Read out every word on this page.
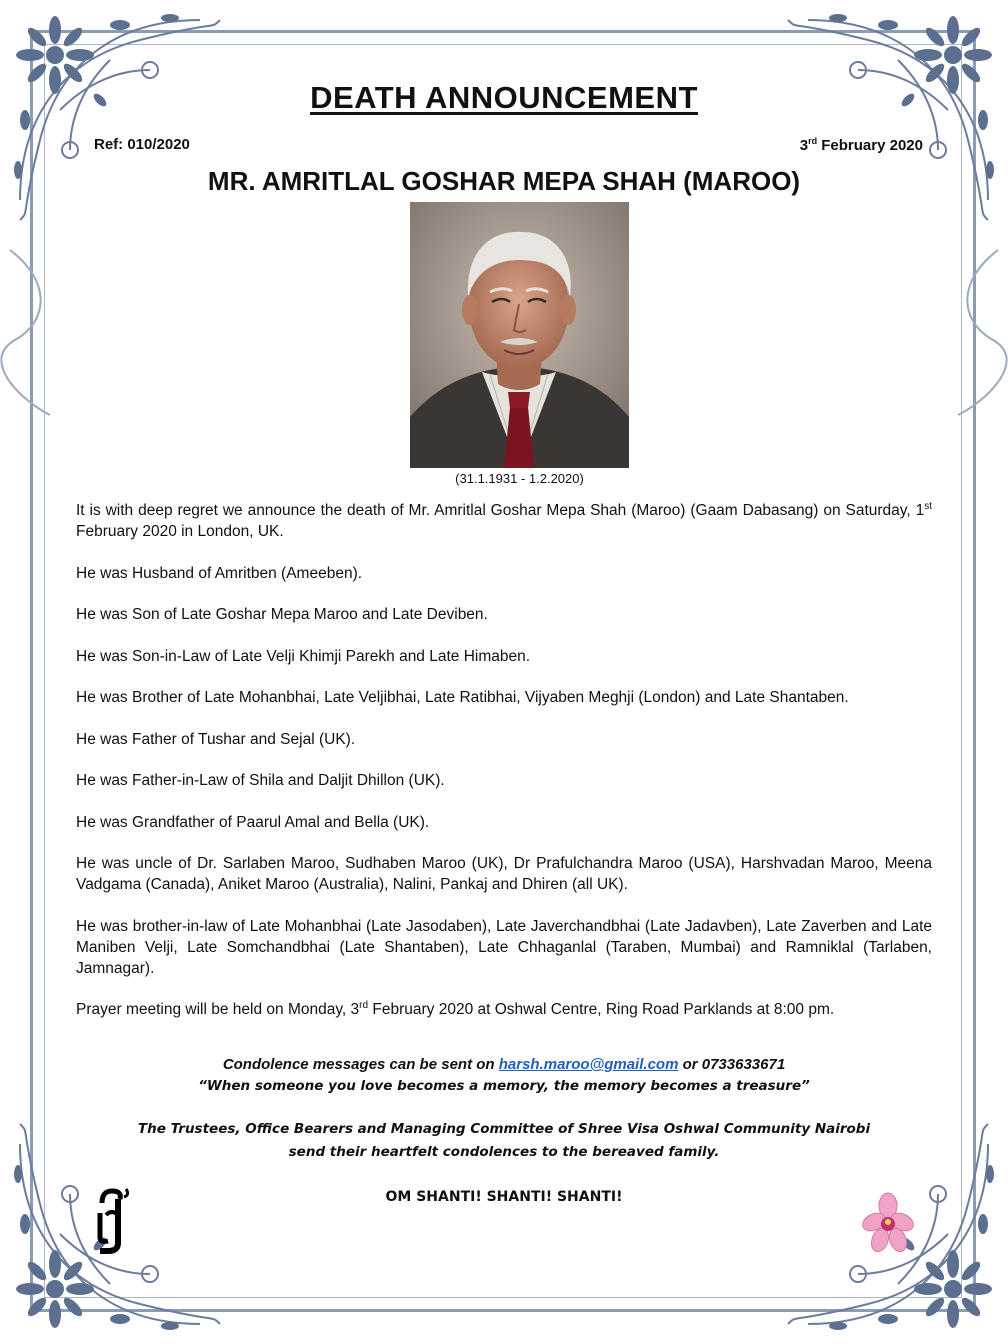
DEATH ANNOUNCEMENT
Ref: 010/2020	3rd February 2020
MR. AMRITLAL GOSHAR MEPA SHAH (MAROO)
(31.1.1931 - 1.2.2020)

It is with deep regret we announce the death of Mr. Amritlal Goshar Mepa Shah (Maroo) (Gaam Dabasang) on Saturday, 1st February 2020 in London, UK.

He was Husband of Amritben (Ameeben).

He was Son of Late Goshar Mepa Maroo and Late Deviben.

He was Son-in-Law of Late Velji Khimji Parekh and Late Himaben.

He was Brother of Late Mohanbhai, Late Veljibhai, Late Ratibhai, Vijyaben Meghji (London) and Late Shantaben.

He was Father of Tushar and Sejal (UK).

He was Father-in-Law of Shila and Daljit Dhillon (UK).

He was Grandfather of Paarul Amal and Bella (UK).

He was uncle of Dr. Sarlaben Maroo, Sudhaben Maroo (UK), Dr Prafulchandra Maroo (USA), Harshvadan Maroo, Meena Vadgama (Canada), Aniket Maroo (Australia), Nalini, Pankaj and Dhiren (all UK).

He was brother-in-law of Late Mohanbhai (Late Jasodaben), Late Javerchandbhai (Late Jadavben), Late Zaverben and Late Maniben Velji, Late Somchandbhai (Late Shantaben), Late Chhaganlal (Taraben, Mumbai) and Ramniklal (Tarlaben, Jamnagar).

Prayer meeting will be held on Monday, 3rd February 2020 at Oshwal Centre, Ring Road Parklands at 8:00 pm.

Condolence messages can be sent on harsh.maroo@gmail.com or 0733633671
“When someone you love becomes a memory, the memory becomes a treasure”
The Trustees, Office Bearers and Managing Committee of Shree Visa Oshwal Community Nairobi
send their heartfelt condolences to the bereaved family.
OM SHANTI! SHANTI! SHANTI!
